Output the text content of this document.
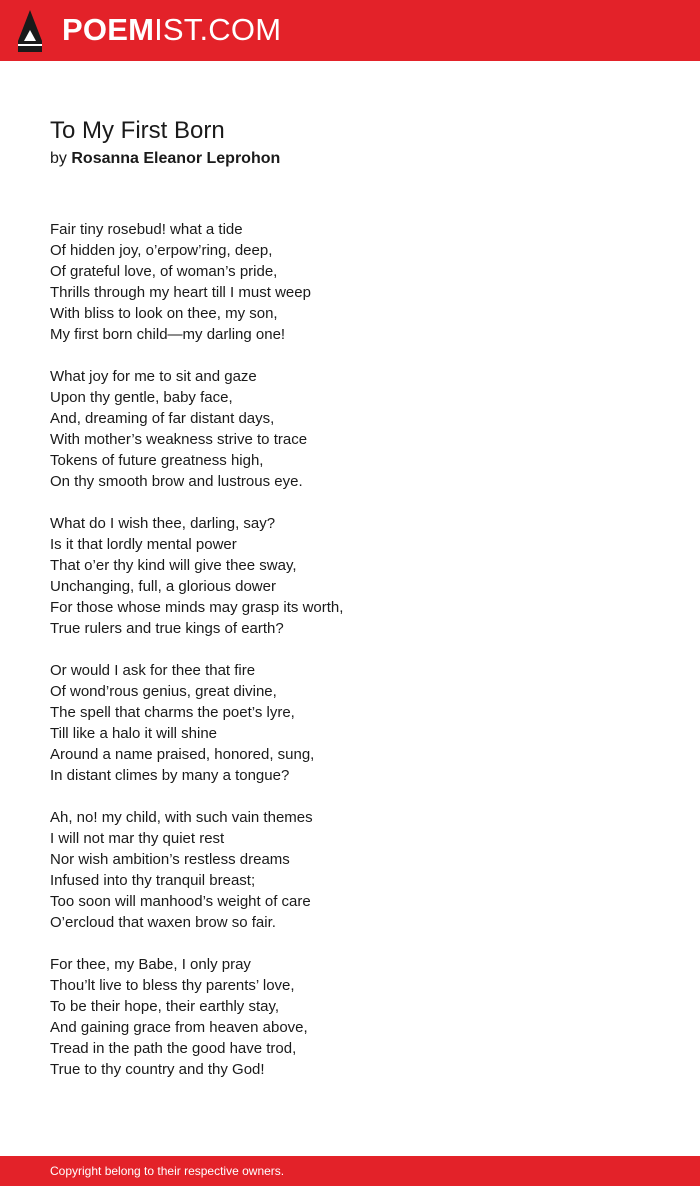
POEMIST.COM
To My First Born
by Rosanna Eleanor Leprohon
Fair tiny rosebud! what a tide
Of hidden joy, o’erpow’ring, deep,
Of grateful love, of woman’s pride,
Thrills through my heart till I must weep
With bliss to look on thee, my son,
My first born child—my darling one!
What joy for me to sit and gaze
Upon thy gentle, baby face,
And, dreaming of far distant days,
With mother’s weakness strive to trace
Tokens of future greatness high,
On thy smooth brow and lustrous eye.
What do I wish thee, darling, say?
Is it that lordly mental power
That o’er thy kind will give thee sway,
Unchanging, full, a glorious dower
For those whose minds may grasp its worth,
True rulers and true kings of earth?
Or would I ask for thee that fire
Of wond’rous genius, great divine,
The spell that charms the poet’s lyre,
Till like a halo it will shine
Around a name praised, honored, sung,
In distant climes by many a tongue?
Ah, no! my child, with such vain themes
I will not mar thy quiet rest
Nor wish ambition’s restless dreams
Infused into thy tranquil breast;
Too soon will manhood’s weight of care
O’ercloud that waxen brow so fair.
For thee, my Babe, I only pray
Thou’lt live to bless thy parents’ love,
To be their hope, their earthly stay,
And gaining grace from heaven above,
Tread in the path the good have trod,
True to thy country and thy God!
Copyright belong to their respective owners.
